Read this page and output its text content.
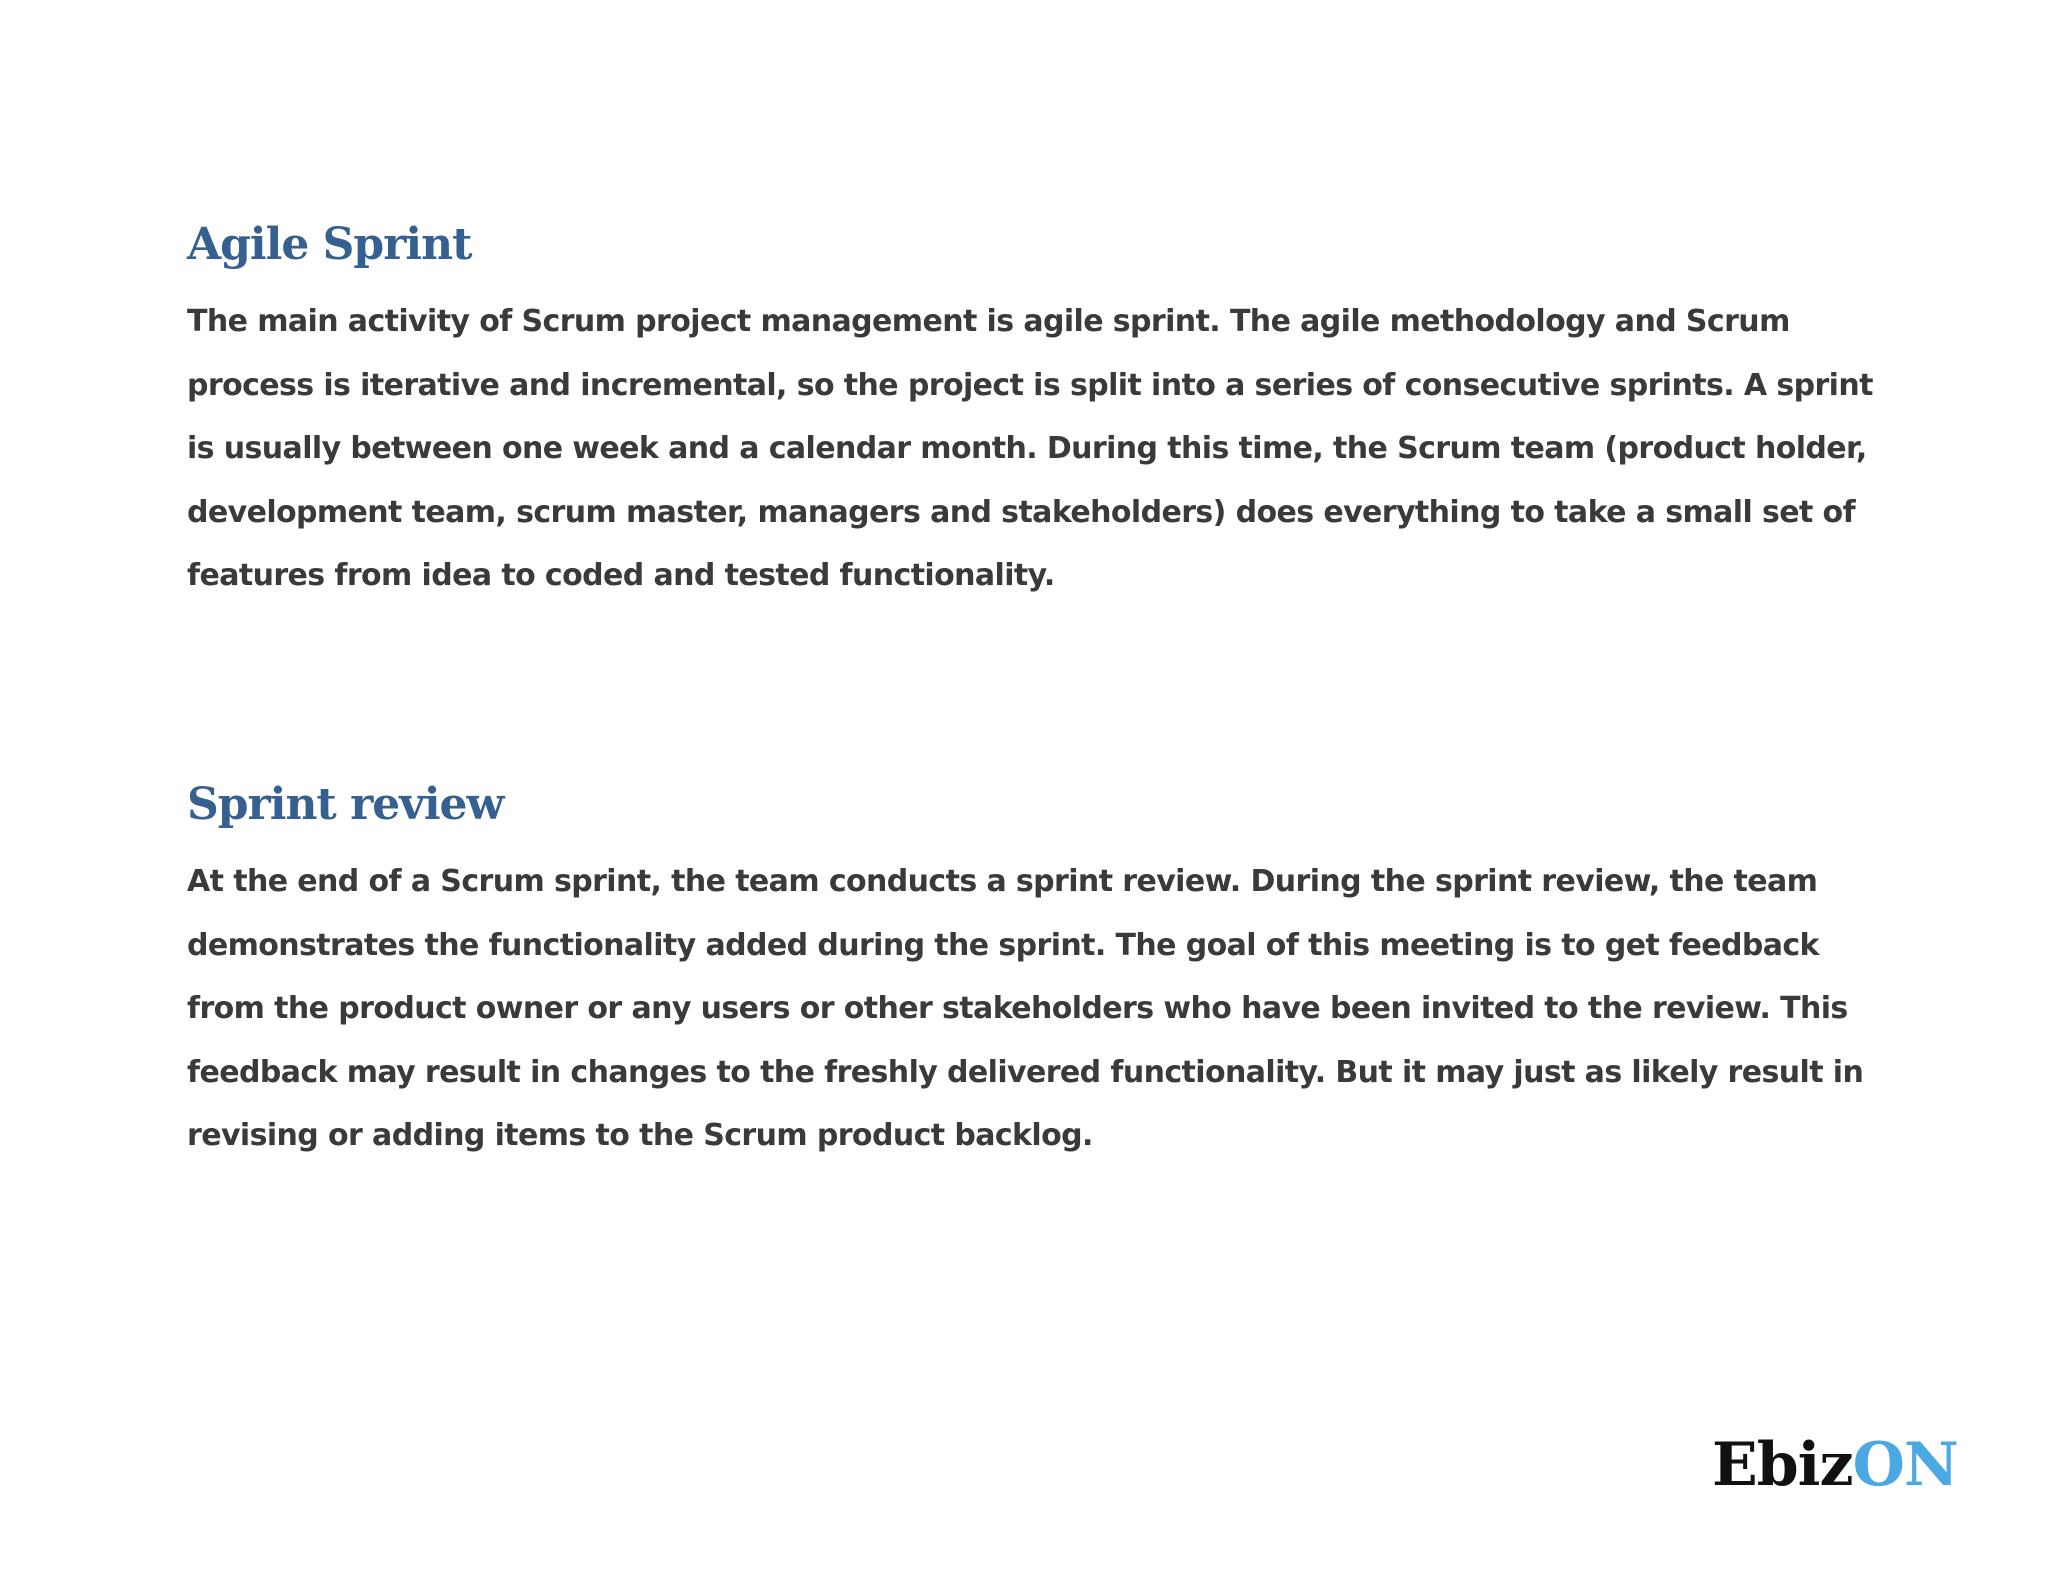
Agile Sprint

The main activity of Scrum project management is agile sprint. The agile methodology and Scrum process is iterative and incremental, so the project is split into a series of consecutive sprints. A sprint is usually between one week and a calendar month. During this time, the Scrum team (product holder, development team, scrum master, managers and stakeholders) does everything to take a small set of features from idea to coded and tested functionality.

Sprint review

At the end of a Scrum sprint, the team conducts a sprint review. During the sprint review, the team demonstrates the functionality added during the sprint. The goal of this meeting is to get feedback from the product owner or any users or other stakeholders who have been invited to the review. This feedback may result in changes to the freshly delivered functionality. But it may just as likely result in revising or adding items to the Scrum product backlog.

EbizON
